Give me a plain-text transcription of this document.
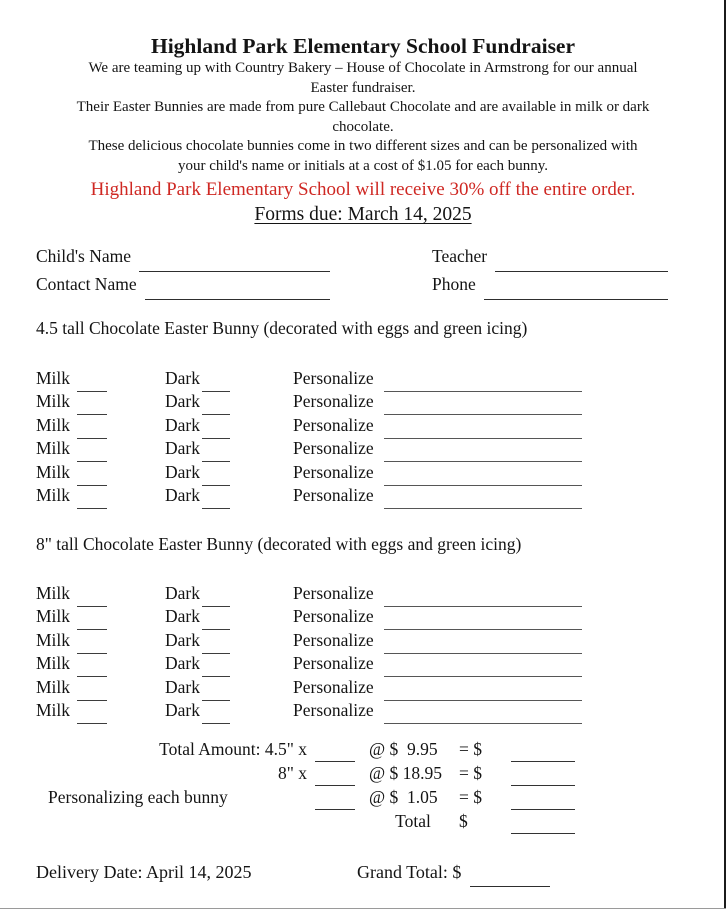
Highland Park Elementary School Fundraiser
We are teaming up with Country Bakery – House of Chocolate in Armstrong for our annual
Easter fundraiser.
Their Easter Bunnies are made from pure Callebaut Chocolate and are available in milk or dark
chocolate.
These delicious chocolate bunnies come in two different sizes and can be personalized with
your child's name or initials at a cost of $1.05 for each bunny.
Highland Park Elementary School will receive 30% off the entire order.
Forms due: March 14, 2025
Child's Name	Teacher
Contact Name	Phone
4.5 tall Chocolate Easter Bunny (decorated with eggs and green icing)
Milk	Dark	Personalize
Milk	Dark	Personalize
Milk	Dark	Personalize
Milk	Dark	Personalize
Milk	Dark	Personalize
Milk	Dark	Personalize
8" tall Chocolate Easter Bunny (decorated with eggs and green icing)
Milk	Dark	Personalize
Milk	Dark	Personalize
Milk	Dark	Personalize
Milk	Dark	Personalize
Milk	Dark	Personalize
Milk	Dark	Personalize
Total Amount: 4.5" x	@ $  9.95	= $
8" x	@ $ 18.95 = $
Personalizing each bunny	@ $  1.05	= $
Total	$
Delivery Date: April 14, 2025	Grand Total: $
